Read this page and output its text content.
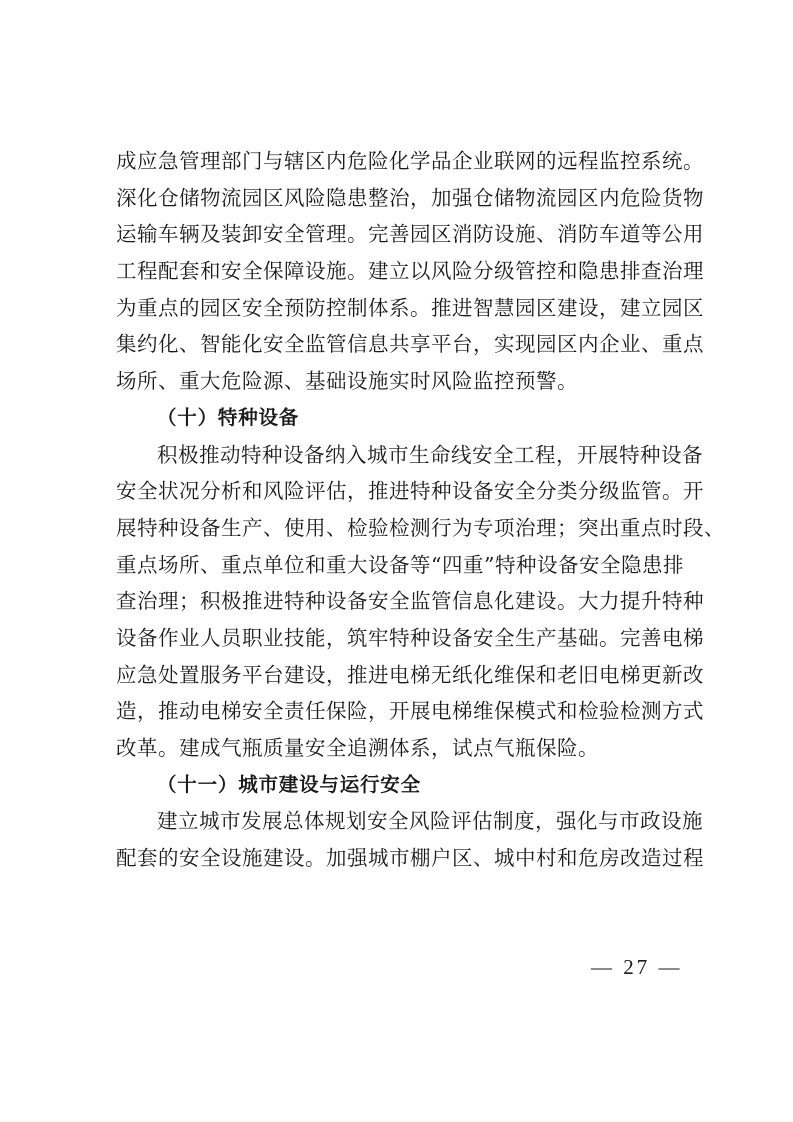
成应急管理部门与辖区内危险化学品企业联网的远程监控系统。
深化仓储物流园区风险隐患整治，加强仓储物流园区内危险货物
运输车辆及装卸安全管理。完善园区消防设施、消防车道等公用
工程配套和安全保障设施。建立以风险分级管控和隐患排查治理
为重点的园区安全预防控制体系。推进智慧园区建设，建立园区
集约化、智能化安全监管信息共享平台，实现园区内企业、重点
场所、重大危险源、基础设施实时风险监控预警。
（十）特种设备
积极推动特种设备纳入城市生命线安全工程，开展特种设备
安全状况分析和风险评估，推进特种设备安全分类分级监管。开
展特种设备生产、使用、检验检测行为专项治理；突出重点时段、
重点场所、重点单位和重大设备等“四重”特种设备安全隐患排
查治理；积极推进特种设备安全监管信息化建设。大力提升特种
设备作业人员职业技能，筑牢特种设备安全生产基础。完善电梯
应急处置服务平台建设，推进电梯无纸化维保和老旧电梯更新改
造，推动电梯安全责任保险，开展电梯维保模式和检验检测方式
改革。建成气瓶质量安全追溯体系，试点气瓶保险。
（十一）城市建设与运行安全
建立城市发展总体规划安全风险评估制度，强化与市政设施
配套的安全设施建设。加强城市棚户区、城中村和危房改造过程
— 27 —
